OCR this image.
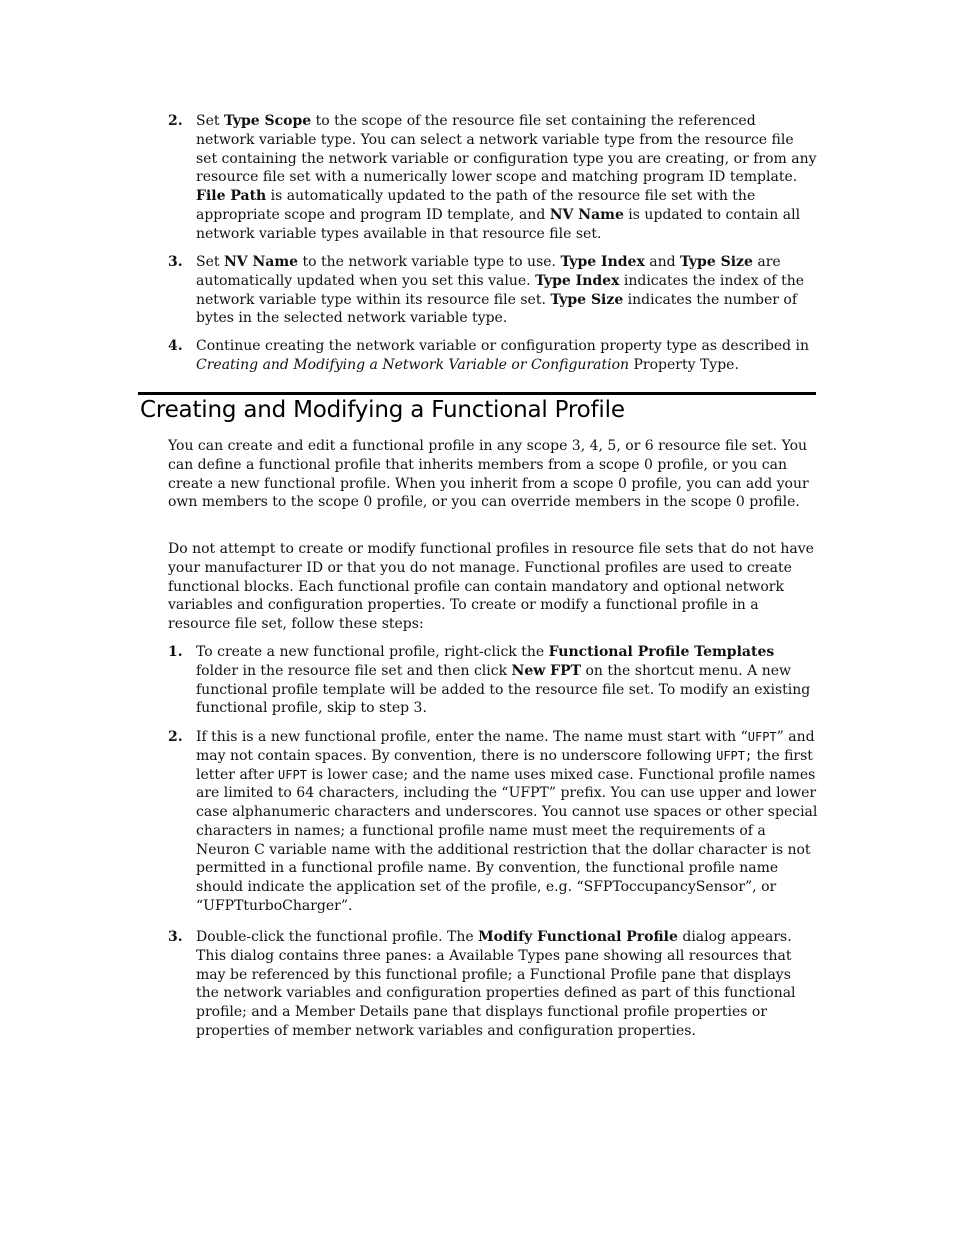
2. Set Type Scope to the scope of the resource file set containing the referenced network variable type. You can select a network variable type from the resource file set containing the network variable or configuration type you are creating, or from any resource file set with a numerically lower scope and matching program ID template. File Path is automatically updated to the path of the resource file set with the appropriate scope and program ID template, and NV Name is updated to contain all network variable types available in that resource file set.
3. Set NV Name to the network variable type to use. Type Index and Type Size are automatically updated when you set this value. Type Index indicates the index of the network variable type within its resource file set. Type Size indicates the number of bytes in the selected network variable type.
4. Continue creating the network variable or configuration property type as described in Creating and Modifying a Network Variable or Configuration Property Type.
Creating and Modifying a Functional Profile
You can create and edit a functional profile in any scope 3, 4, 5, or 6 resource file set. You can define a functional profile that inherits members from a scope 0 profile, or you can create a new functional profile. When you inherit from a scope 0 profile, you can add your own members to the scope 0 profile, or you can override members in the scope 0 profile.
Do not attempt to create or modify functional profiles in resource file sets that do not have your manufacturer ID or that you do not manage. Functional profiles are used to create functional blocks. Each functional profile can contain mandatory and optional network variables and configuration properties. To create or modify a functional profile in a resource file set, follow these steps:
1. To create a new functional profile, right-click the Functional Profile Templates folder in the resource file set and then click New FPT on the shortcut menu. A new functional profile template will be added to the resource file set. To modify an existing functional profile, skip to step 3.
2. If this is a new functional profile, enter the name. The name must start with “UFPT” and may not contain spaces. By convention, there is no underscore following UFPT; the first letter after UFPT is lower case; and the name uses mixed case. Functional profile names are limited to 64 characters, including the “UFPT” prefix. You can use upper and lower case alphanumeric characters and underscores. You cannot use spaces or other special characters in names; a functional profile name must meet the requirements of a Neuron C variable name with the additional restriction that the dollar character is not permitted in a functional profile name. By convention, the functional profile name should indicate the application set of the profile, e.g. “SFPToccupancySensor”, or “UFPTturboCharger”.
3. Double-click the functional profile. The Modify Functional Profile dialog appears. This dialog contains three panes: a Available Types pane showing all resources that may be referenced by this functional profile; a Functional Profile pane that displays the network variables and configuration properties defined as part of this functional profile; and a Member Details pane that displays functional profile properties or properties of member network variables and configuration properties.
